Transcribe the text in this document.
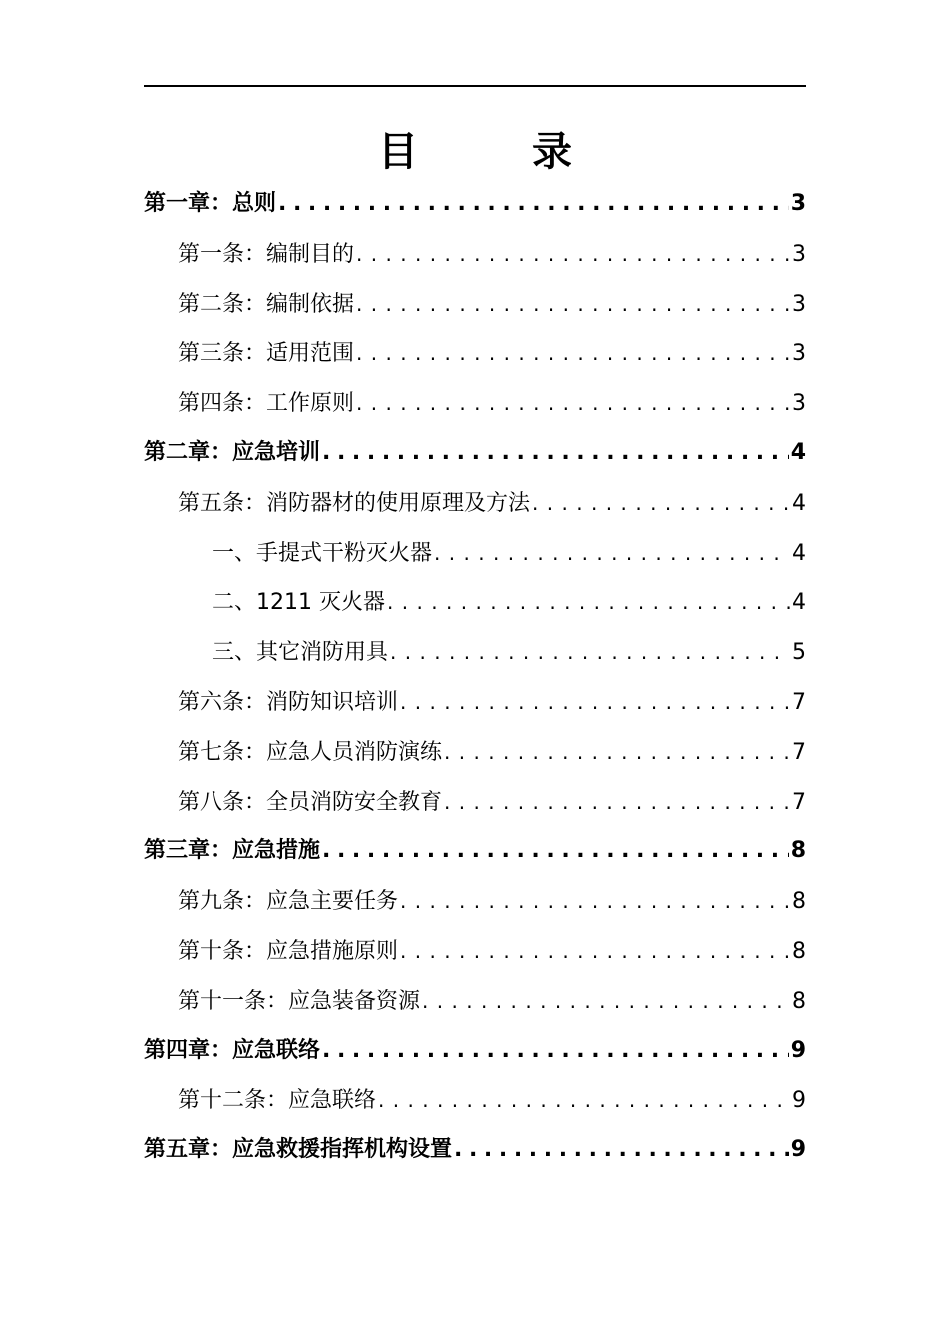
目 录
第一章：总则 .....	3
第一条：编制目的 .....	3
第二条：编制依据 .....	3
第三条：适用范围 .....	3
第四条：工作原则 .....	3
第二章：应急培训 .....	4
第五条：消防器材的使用原理及方法 .....	4
一、手提式干粉灭火器 .....	4
二、1211 灭火器 .....	4
三、其它消防用具 .....	5
第六条：消防知识培训 .....	7
第七条：应急人员消防演练 .....	7
第八条：全员消防安全教育 .....	7
第三章：应急措施 .....	8
第九条：应急主要任务 .....	8
第十条：应急措施原则 .....	8
第十一条：应急装备资源 .....	8
第四章：应急联络 .....	9
第十二条：应急联络 .....	9
第五章：应急救援指挥机构设置 .....	9
